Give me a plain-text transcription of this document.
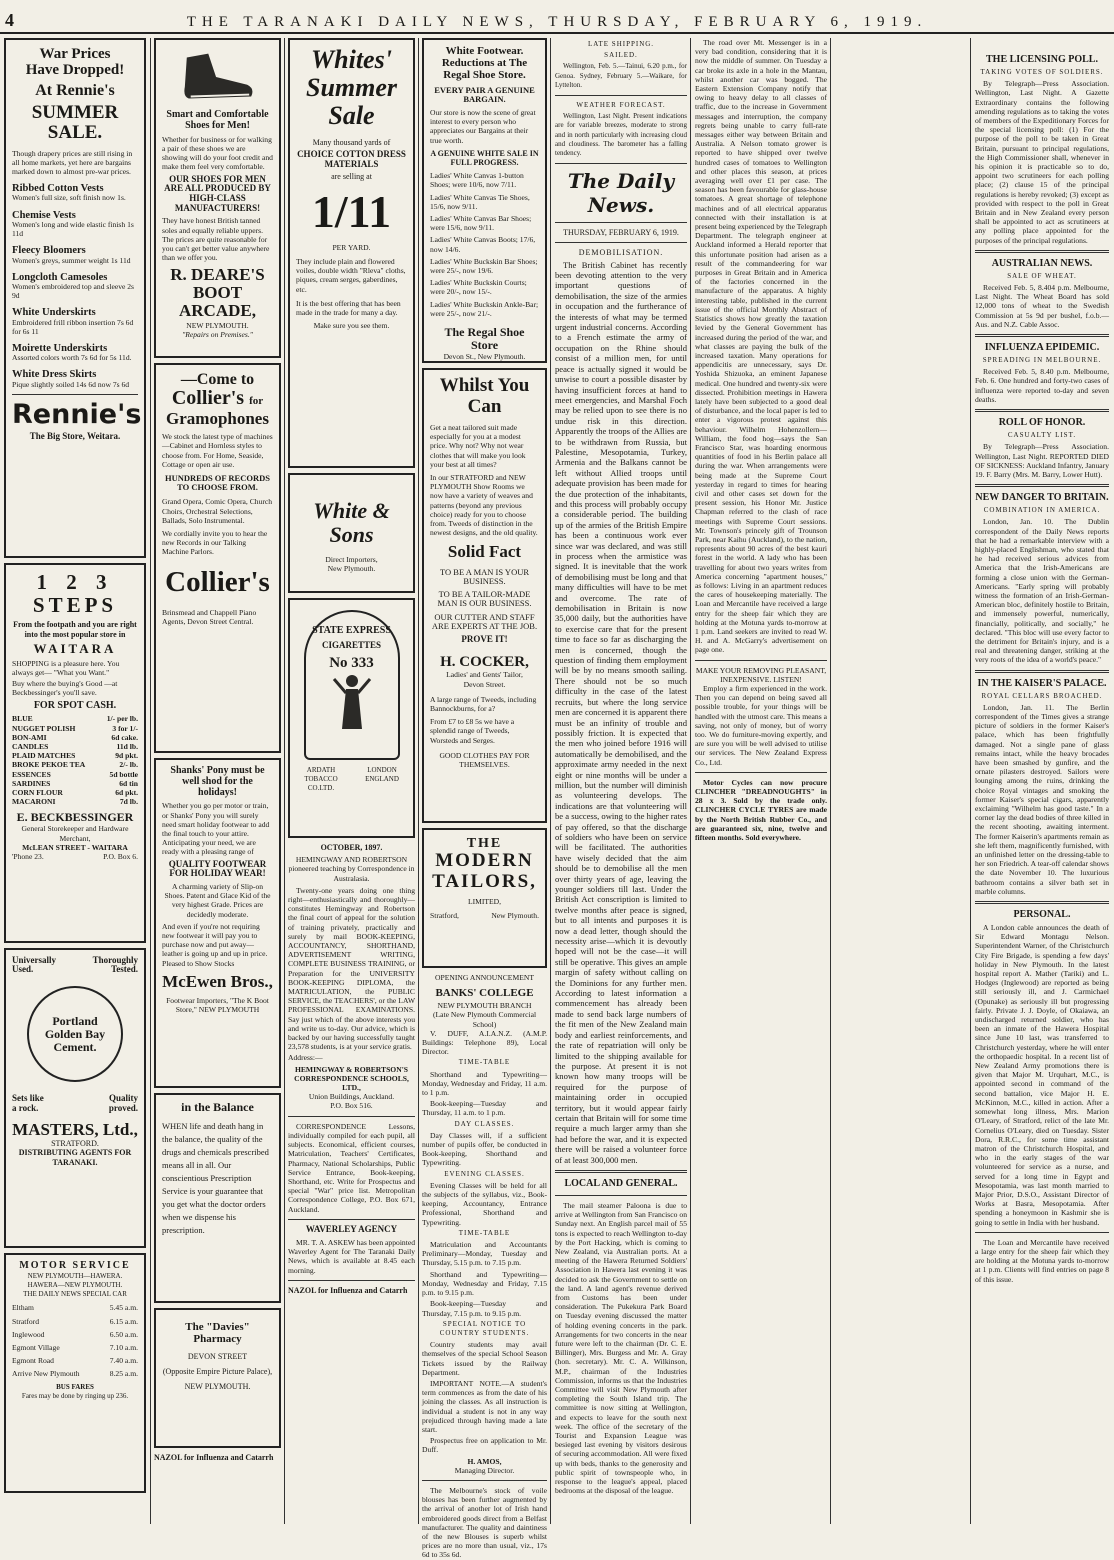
4	THE TARANAKI DAILY NEWS, THURSDAY, FEBRUARY 6, 1919.
War Prices
Have Dropped!
At Rennie's
SUMMER SALE.
Though drapery prices are still rising in all home markets, yet here are bargains marked down to almost pre-war prices.
Ribbed Cotton Vests
Women's full size, soft finish now 1s.
Chemise Vests
Women's long and wide elastic finish 1s 11d
Fleecy Bloomers
Women's greys, summer weight 1s 11d
Longcloth Camesoles
Women's embroidered top and sleeve 2s 9d
White Underskirts
Embroidered frill ribbon insertion 7s 6d for 6s 11
Moirette Underskirts
Assorted colors worth 7s 6d for 5s 11d.
White Dress Skirts
Pique slightly soiled 14s 6d now 7s 6d
Rennie's
The Big Store, Weitara.
1 2 3
STEPS
From the footpath and you are right into the most popular store in
WAITARA
SHOPPING is a pleasure here. You always get— "What you Want."
Buy where the buying's Good —at Beckbessinger's you'll save.
FOR SPOT CASH.
BLUE	1/- per lb.
NUGGET POLISH	3 for 1/-
BON-AMI	6d cake.
CANDLES	11d lb.
PLAID MATCHES	9d pkt.
BROKE PEKOE TEA	2/- lb.
ESSENCES	5d bottle
SARDINES	6d tin
CORN FLOUR	6d pkt.
MACARONI	7d lb.
E. BECKBESSINGER
General Storekeeper and Hardware Merchant,
McLEAN STREET - WAITARA
'Phone 23.	P.O. Box 6.
Universally	Thoroughly
Used.	Tested.
Portland Golden Bay Cement.
Sets like	Quality
a rock.	proved.
MASTERS, Ltd.,
STRATFORD.
DISTRIBUTING AGENTS FOR TARANAKI.
MOTOR SERVICE
NEW PLYMOUTH—HAWERA. HAWERA—NEW PLYMOUTH.
THE DAILY NEWS SPECIAL CAR
Eltham	5.45 a.m.
Stratford	6.15 a.m.
Inglewood	6.50 a.m.
Egmont Village	7.10 a.m.
Egmont Road	7.40 a.m.
Arrive New Plymouth	8.25 a.m.
BUS FARES
Fares may be done by ringing up 236.
Smart and Comfortable Shoes for Men!
Whether for business or for walking a pair of these shoes we are showing will do your foot credit and make them feel very comfortable.
OUR SHOES FOR MEN ARE ALL PRODUCED BY HIGH-CLASS MANUFACTURERS!
They have honest British tanned soles and equally reliable uppers. The prices are quite reasonable for you can't get better value anywhere than we offer you.
R. DEARE'S BOOT ARCADE,
NEW PLYMOUTH.
"Repairs on Premises."
—Come to
Collier's for
Gramophones
We stock the latest type of machines—Cabinet and Hornless styles to choose from. For Home, Seaside, Cottage or open air use.
HUNDREDS OF RECORDS TO CHOOSE FROM.
Grand Opera, Comic Opera, Church Choirs, Orchestral Selections, Ballads, Solo Instrumental.
We cordially invite you to hear the new Records in our Talking Machine Parlors.
Collier's
Brinsmead and Chappell Piano Agents, Devon Street Central.
Shanks' Pony must be well shod for the holidays!
Whether you go per motor or train, or Shanks' Pony you will surely need smart holiday footwear to add the final touch to your attire. Anticipating your need, we are ready with a pleasing range of
QUALITY FOOTWEAR FOR HOLIDAY WEAR!
A charming variety of Slip-on Shoes. Patent and Glace Kid of the very highest Grade. Prices are decidedly moderate.
And even if you're not requiring new footwear it will pay you to purchase now and put away—leather is going up and up in price. Pleased to Show Stocks
McEwen Bros.,
Footwear Importers, "The K Boot Store," NEW PLYMOUTH
in the Balance
WHEN life and death hang in the balance, the quality of the drugs and chemicals prescribed means all in all. Our conscientious Prescription Service is your guarantee that you get what the doctor orders when we dispense his prescription.
The "Davies" Pharmacy
DEVON STREET
(Opposite Empire Picture Palace),
NEW PLYMOUTH.
NAZOL for Influenza and Catarrh
Whites'
Summer
Sale
Many thousand yards of
CHOICE COTTON DRESS MATERIALS
are selling at
1/11
PER YARD.
They include plain and flowered voiles, double width "Rleva" cloths, piques, cream serges, gaberdines, etc.
It is the best offering that has been made in the trade for many a day.
Make sure you see them.
White & Sons
Direct Importers,
New Plymouth.
STATE EXPRESS
CIGARETTES
No 333
ARDATH TOBACCO CO.LTD.
LONDON ENGLAND
OCTOBER, 1897.
HEMINGWAY AND ROBERTSON pioneered teaching by Correspondence in Australasia.

Twenty-one years doing one thing right—enthusiastically and thoroughly—constitutes Hemingway and Robertson the final court of appeal for the solution of training privately, practically and surely by mail BOOK-KEEPING, ACCOUNTANCY, SHORTHAND, ADVERTISEMENT WRITING, COMPLETE BUSINESS TRAINING, or Preparation for the UNIVERSITY BOOK-KEEPING DIPLOMA, the MATRICULATION, the PUBLIC SERVICE, the TEACHERS', or the LAW PROFESSIONAL EXAMINATIONS. Say just which of the above interests you and write us to-day. Our advice, which is backed by our having successfully taught 23,578 students, is at your service gratis.

Address:—

HEMINGWAY & ROBERTSON'S CORRESPONDENCE SCHOOLS, LTD.,
Union Buildings, Auckland.
P.O. Box 516.

CORRESPONDENCE Lessons, individually compiled for each pupil, all subjects. Economical, efficient courses, Matriculation, Teachers' Certificates, Pharmacy, National Scholarships, Public Service Entrance, Book-keeping, Shorthand, etc. Write for Prospectus and special "War" price list. Metropolitan Correspondence College, P.O. Box 671, Auckland.

WAVERLEY AGENCY

MR. T. A. ASKEW has been appointed Waverley Agent for The Taranaki Daily News, which is available at 8.45 each morning.

NAZOL for Influenza and Catarrh
White Footwear. Reductions at The Regal Shoe Store.
EVERY PAIR A GENUINE BARGAIN.
Our store is now the scene of great interest to every person who appreciates our Bargains at their true worth.
A GENUINE WHITE SALE IN FULL PROGRESS.
Ladies' White Canvas 1-button Shoes; were 10/6, now 7/11.
Ladies' White Canvas Tie Shoes, 15/6, now 9/11.
Ladies' White Canvas Bar Shoes; were 15/6, now 9/11.
Ladies' White Canvas Boots; 17/6, now 14/6.
Ladies' White Buckskin Bar Shoes; were 25/-, now 19/6.
Ladies' White Buckskin Courts; were 20/-, now 15/-.
Ladies' White Buckskin Ankle-Bar; were 25/-, now 21/-.
The Regal Shoe Store
Devon St., New Plymouth.
Whilst You Can
Get a neat tailored suit made especially for you at a modest price. Why not? Why not wear clothes that will make you look your best at all times?
In our STRATFORD and NEW PLYMOUTH Show Rooms we now have a variety of weaves and patterns (beyond any previous choice) ready for you to choose from. Tweeds of distinction in the newest designs, and the old quality.
Solid Fact
TO BE A MAN IS YOUR BUSINESS.
TO BE A TAILOR-MADE MAN IS OUR BUSINESS.
OUR CUTTER AND STAFF ARE EXPERTS AT THE JOB.
PROVE IT!
H. COCKER,
Ladies' and Gents' Tailor,
Devon Street.
A large range of Tweeds, including Bannockburns, for a?
From £7 to £8 5s we have a splendid range of Tweeds, Worsteds and Serges.
GOOD CLOTHES PAY FOR THEMSELVES.
THE
MODERN
TAILORS,
LIMITED,
Stratford,	New Plymouth.
OPENING ANNOUNCEMENT
BANKS' COLLEGE
NEW PLYMOUTH BRANCH
(Late New Plymouth Commercial School)

V. DUFF, A.I.A.N.Z. (A.M.P. Buildings: Telephone 89), Local Director.

TIME-TABLE

Shorthand and Typewriting—Monday, Wednesday and Friday, 11 a.m. to 1 p.m.

Book-keeping—Tuesday and Thursday, 11 a.m. to 1 p.m.

DAY CLASSES.

Day Classes will, if a sufficient number of pupils offer, be conducted in Book-keeping, Shorthand and Typewriting.

EVENING CLASSES.

Evening Classes will be held for all the subjects of the syllabus, viz., Book-keeping, Accountancy, Entrance Professional, Shorthand and Typewriting.

TIME-TABLE

Matriculation and Accountants Preliminary—Monday, Tuesday and Thursday, 5.15 p.m. to 7.15 p.m.

Shorthand and Typewriting—Monday, Wednesday and Friday, 7.15 p.m. to 9.15 p.m.

Book-keeping—Tuesday and Thursday, 7.15 p.m. to 9.15 p.m.

SPECIAL NOTICE TO COUNTRY STUDENTS.

Country students may avail themselves of the special School Season Tickets issued by the Railway Department.

IMPORTANT NOTE.—A student's term commences as from the date of his joining the classes. As all instruction is individual a student is not in any way prejudiced through having made a late start.

Prospectus free on application to Mr. Duff.

H. AMOS,
Managing Director.

The Melbourne's stock of voile blouses has been further augmented by the arrival of another lot of Irish hand embroidered goods direct from a Belfast manufacturer. The quality and daintiness of the new Blouses is superb whilst prices are no more than usual, viz., 17s 6d to 35s 6d.

LATE SHIPPING.
SAILED.

Wellington, Feb. 5.—Tainui, 6.20 p.m., for Genoa. Sydney, February 5.—Waikare, for Lyttelton.

WEATHER FORECAST.

Wellington, Last Night. Present indications are for variable breezes, moderate to strong and in north particularly with increasing cloud and cloudiness. The barometer has a falling tendency.

The Daily News.
THURSDAY, FEBRUARY 6, 1919.
DEMOBILISATION.

The British Cabinet has recently been devoting attention to the very important questions of demobilisation, the size of the armies in occupation and the furtherance of the interests of what may be termed urgent industrial concerns. According to a French estimate the army of occupation on the Rhine should consist of a million men, for until peace is actually signed it would be unwise to court a possible disaster by having insufficient forces at hand to meet emergencies, and Marshal Foch may be relied upon to see there is no undue risk in this direction. Apparently the troops of the Allies are to be withdrawn from Russia, but Palestine, Mesopotamia, Turkey, Armenia and the Balkans cannot be left without Allied troops until adequate provision has been made for the due protection of the inhabitants, and this process will probably occupy a considerable period. The building up of the armies of the British Empire has been a continuous work ever since war was declared, and was still in process when the armistice was signed. It is inevitable that the work of demobilising must be long and that many difficulties will have to be met and overcome. The rate of demobilisation in Britain is now 35,000 daily, but the authorities have to exercise care that for the present time to face so far as discharging the men is concerned, though the question of finding them employment will be by no means smooth sailing. There should not be so much difficulty in the case of the latest recruits, but where the long service men are concerned it is apparent there must be an infinity of trouble and possibly friction. It is expected that the men who joined before 1916 will automatically be demobilised, and the approximate army needed in the next eight or nine months will be under a million, but the number will diminish as volunteering develops. The indications are that volunteering will be a success, owing to the higher rates of pay offered, so that the discharge of soldiers who have been on service will be facilitated. The authorities have wisely decided that the aim should be to demobilise all the men over thirty years of age, leaving the younger soldiers till last. Under the British Act conscription is limited to twelve months after peace is signed, but to all intents and purposes it is now a dead letter, though should the necessity arise—which it is devoutly hoped will not be the case—it will still be operative. This gives an ample margin of safety without calling on the Dominions for any further men. According to latest information a commencement has already been made to send back large numbers of the fit men of the New Zealand main body and earliest reinforcements, and the rate of repatriation will only be limited to the shipping available for the purpose. At present it is not known how many troops will be required for the purpose of maintaining order in occupied territory, but it would appear fairly certain that Britain will for some time require a much larger army than she had before the war, and it is expected there will be raised a volunteer force of at least 300,000 men.

LOCAL AND GENERAL.

The mail steamer Paloona is due to arrive at Wellington from San Francisco on Sunday next. An English parcel mail of 55 tons is expected to reach Wellington to-day by the Port Hacking, which is coming to New Zealand, via Australian ports. At a meeting of the Hawera Returned Soldiers' Association in Hawera last evening it was decided to ask the Government to settle on the land. A land agent's revenue derived from Customs has been under consideration. The Pukekura Park Board on Tuesday evening discussed the matter of holding evening concerts in the park. Arrangements for two concerts in the near future were left to the chairman (Dr. C. E. Billinger), Mrs. Burgess and Mr. A. Gray (hon. secretary). Mr. C. A. Wilkinson, M.P., chairman of the Industries Commission, informs us that the Industries Committee will visit New Plymouth after completing the South Island trip. The committee is now sitting at Wellington, and expects to leave for the south next week. The office of the secretary of the Tourist and Expansion League was besieged last evening by visitors desirous of securing accommodation. All were fixed up with beds, thanks to the generosity and public spirit of townspeople who, in response to the league's appeal, placed bedrooms at the disposal of the league.

The road over Mt. Messenger is in a very bad condition, considering that it is now the middle of summer. On Tuesday a car broke its axle in a hole in the Mantau, whilst another car was bogged. The Eastern Extension Company notify that owing to heavy delay to all classes of traffic, due to the increase in Government messages and interruption, the company regrets being unable to carry full-rate messages either way between Britain and Australia. A Nelson tomato grower is reported to have shipped over twelve hundred cases of tomatoes to Wellington and other places this season, at prices averaging well over £1 per case. The season has been favourable for glass-house tomatoes. A great shortage of telephone machines and of all electrical apparatus connected with their installation is at present being experienced by the Telegraph Department. The telegraph engineer at Auckland informed a Herald reporter that this unfortunate position had arisen as a result of the commandeering for war purposes in Great Britain and in America of the factories concerned in the manufacture of the apparatus. A highly interesting table, published in the current issue of the official Monthly Abstract of Statistics shows how greatly the taxation levied by the General Government has increased during the period of the war, and what classes are paying the bulk of the increased taxation. Many operations for appendicitis are unnecessary, says Dr. Yoshida Shizuoka, an eminent Japanese medical. One hundred and twenty-six were dissected. Prohibition meetings in Hawera lately have been subjected to a good deal of disturbance, and the local paper is led to enter a vigorous protest against this behaviour. Wilhelm Hohenzollern—William, the food hog—says the San Francisco Star, was hoarding enormous quantities of food in his Berlin palace all during the war. When arrangements were being made at the Supreme Court yesterday in regard to times for hearing civil and other cases set down for the present session, his Honor Mr. Justice Chapman referred to the clash of race meetings with Supreme Court sessions. Mr. Townson's princely gift of Trounson Park, near Kaihu (Auckland), to the nation, represents about 90 acres of the best kauri forest in the world. A lady who has been travelling for about two years writes from America concerning "apartment houses," as follows: Living in an apartment reduces the cares of housekeeping materially. The Loan and Mercantile have received a large entry for the sheep fair which they are holding at the Motuna yards to-morrow at 1 p.m. Land seekers are invited to read W. H. and A. McGarry's advertisement on page one.

MAKE YOUR REMOVING PLEASANT, INEXPENSIVE. LISTEN!

Employ a firm experienced in the work. Then you can depend on being saved all possible trouble, for your things will be handled with the utmost care. This means a saving, not only of money, but of worry too. We do furniture-moving expertly, and are sure you will be well advised to utilise our services. The New Zealand Express Co., Ltd.

Motor Cycles can now procure CLINCHER "DREADNOUGHTS" in 28 x 3. Sold by the trade only. CLINCHER CYCLE TYRES are made by the North British Rubber Co., and are guaranteed six, nine, twelve and fifteen months. Sold everywhere.

THE LICENSING POLL.
TAKING VOTES OF SOLDIERS.

By Telegraph—Press Association. Wellington, Last Night. A Gazette Extraordinary contains the following amending regulations as to taking the votes of members of the Expeditionary Forces for the special licensing poll: (1) For the purpose of the poll to be taken in Great Britain, pursuant to principal regulations, the High Commissioner shall, whenever in his opinion it is practicable so to do, appoint two scrutineers for each polling place; (2) clause 15 of the principal regulations is hereby revoked; (3) except as provided with respect to the poll in Great Britain and in New Zealand every person shall be appointed to act as scrutineers at any polling place appointed for the purposes of the principal regulations.

AUSTRALIAN NEWS.
SALE OF WHEAT.

Received Feb. 5, 8.404 p.m. Melbourne, Last Night. The Wheat Board has sold 12,000 tons of wheat to the Swedish Commission at 5s 9d per bushel, f.o.b.—Aus. and N.Z. Cable Assoc.

INFLUENZA EPIDEMIC.
SPREADING IN MELBOURNE.

Received Feb. 5, 8.40 p.m. Melbourne, Feb. 6. One hundred and forty-two cases of influenza were reported to-day and seven deaths.

ROLL OF HONOR.
CASUALTY LIST.

By Telegraph—Press Association. Wellington, Last Night. REPORTED DIED OF SICKNESS: Auckland Infantry, January 19. F. Barry (Mrs. M. Barry, Lower Hutt).

NEW DANGER TO BRITAIN.
COMBINATION IN AMERICA.

London, Jan. 10. The Dublin correspondent of the Daily News reports that he had a remarkable interview with a highly-placed Englishman, who stated that he had received serious advices from America that the Irish-Americans are forming a close union with the German-Americans. "Early spring will probably witness the formation of an Irish-German-American bloc, definitely hostile to Britain, and immensely powerful, numerically, financially, politically, and socially," he declared. "This bloc will use every factor to the detriment for Britain's injury, and is a real and threatening danger, striking at the very roots of the idea of a world's peace."

IN THE KAISER'S PALACE.
ROYAL CELLARS BROACHED.

London, Jan. 11. The Berlin correspondent of the Times gives a strange picture of soldiers in the former Kaiser's palace, which has been frightfully damaged. Not a single pane of glass remains intact, while the heavy brocades have been smashed by gunfire, and the ornate pilasters destroyed. Sailors were lounging among the ruins, drinking the choice Royal vintages and smoking the former Kaiser's special cigars, apparently exclaiming "Wilhelm has good taste." In a corner lay the dead bodies of three killed in the recent shooting, awaiting interment. The former Kaiserin's apartments remain as she left them, magnificently furnished, with an unfinished letter on the dressing-table to her son Friedrich. A tear-off calendar shows the date November 10. The luxurious bathroom contains a silver bath set in marble columns.

PERSONAL.

A London cable announces the death of Sir Edward Montagu Nelson. Superintendent Warner, of the Christchurch City Fire Brigade, is spending a few days' holiday in New Plymouth. In the latest hospital report A. Mather (Tariki) and L. Hodges (Inglewood) are reported as being still seriously ill, and J. Carmichael (Opunake) as seriously ill but progressing fairly. Private J. J. Doyle, of Okaiawa, an undischarged returned soldier, who has been an inmate of the Hawera Hospital since June 10 last, was transferred to Christchurch yesterday, where he will enter the orthopaedic hospital. In a recent list of New Zealand Army promotions there is given that Major M. Urquhart, M.C., is appointed second in command of the second battalion, vice Major H. E. McKinnon, M.C., killed in action. After a somewhat long illness, Mrs. Marion O'Leary, of Stratford, relict of the late Mr. Cornelius O'Leary, died on Tuesday. Sister Dora, R.R.C., for some time assistant matron of the Christchurch Hospital, and who in the early stages of the war volunteered for service as a nurse, and served for a long time in Egypt and Mesopotamia, was last month married to Major Prior, D.S.O., Assistant Director of Works at Basra, Mesopotamia. After spending a honeymoon in Kashmir she is going to settle in India with her husband.

The Loan and Mercantile have received a large entry for the sheep fair which they are holding at the Motuna yards to-morrow at 1 p.m. Clients will find entries on page 8 of this issue.
